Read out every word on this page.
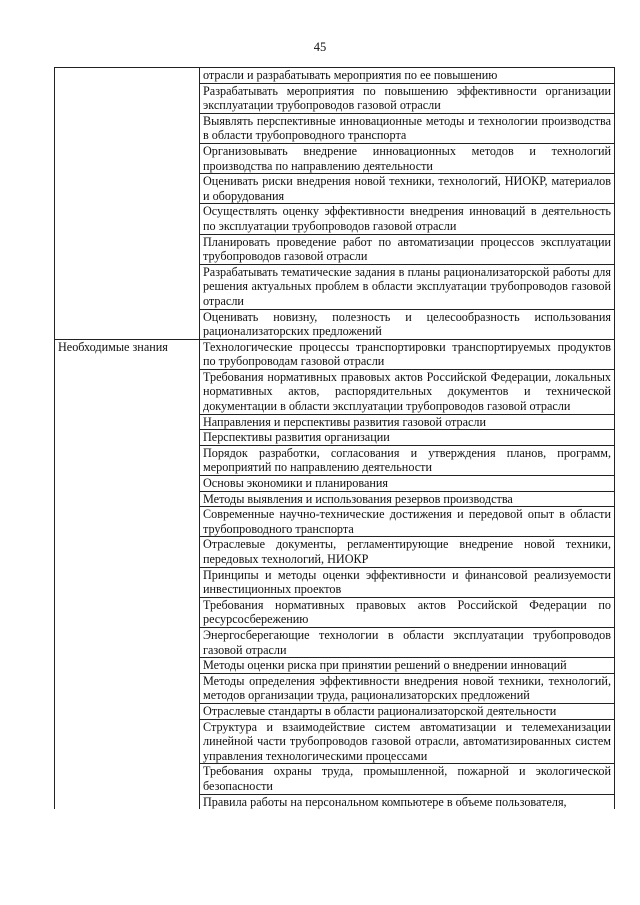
45
	отрасли и разрабатывать мероприятия по ее повышению
	Разрабатывать мероприятия по повышению эффективности организации эксплуатации трубопроводов газовой отрасли
	Выявлять перспективные инновационные методы и технологии производства в области трубопроводного транспорта
	Организовывать внедрение инновационных методов и технологий производства по направлению деятельности
	Оценивать риски внедрения новой техники, технологий, НИОКР, материалов и оборудования
	Осуществлять оценку эффективности внедрения инноваций в деятельность по эксплуатации трубопроводов газовой отрасли
	Планировать проведение работ по автоматизации процессов эксплуатации трубопроводов газовой отрасли
	Разрабатывать тематические задания в планы рационализаторской работы для решения актуальных проблем в области эксплуатации трубопроводов газовой отрасли
	Оценивать новизну, полезность и целесообразность использования рационализаторских предложений
Необходимые знания	Технологические процессы транспортировки транспортируемых продуктов по трубопроводам газовой отрасли
	Требования нормативных правовых актов Российской Федерации, локальных нормативных актов, распорядительных документов и технической документации в области эксплуатации трубопроводов газовой отрасли
	Направления и перспективы развития газовой отрасли
	Перспективы развития организации
	Порядок разработки, согласования и утверждения планов, программ, мероприятий по направлению деятельности
	Основы экономики и планирования
	Методы выявления и использования резервов производства
	Современные научно-технические достижения и передовой опыт в области трубопроводного транспорта
	Отраслевые документы, регламентирующие внедрение новой техники, передовых технологий, НИОКР
	Принципы и методы оценки эффективности и финансовой реализуемости инвестиционных проектов
	Требования нормативных правовых актов Российской Федерации по ресурсосбережению
	Энергосберегающие технологии в области эксплуатации трубопроводов газовой отрасли
	Методы оценки риска при принятии решений о внедрении инноваций
	Методы определения эффективности внедрения новой техники, технологий, методов организации труда, рационализаторских предложений
	Отраслевые стандарты в области рационализаторской деятельности
	Структура и взаимодействие систем автоматизации и телемеханизации линейной части трубопроводов газовой отрасли, автоматизированных систем управления технологическими процессами
	Требования охраны труда, промышленной, пожарной и экологической безопасности
	Правила работы на персональном компьютере в объеме пользователя,
